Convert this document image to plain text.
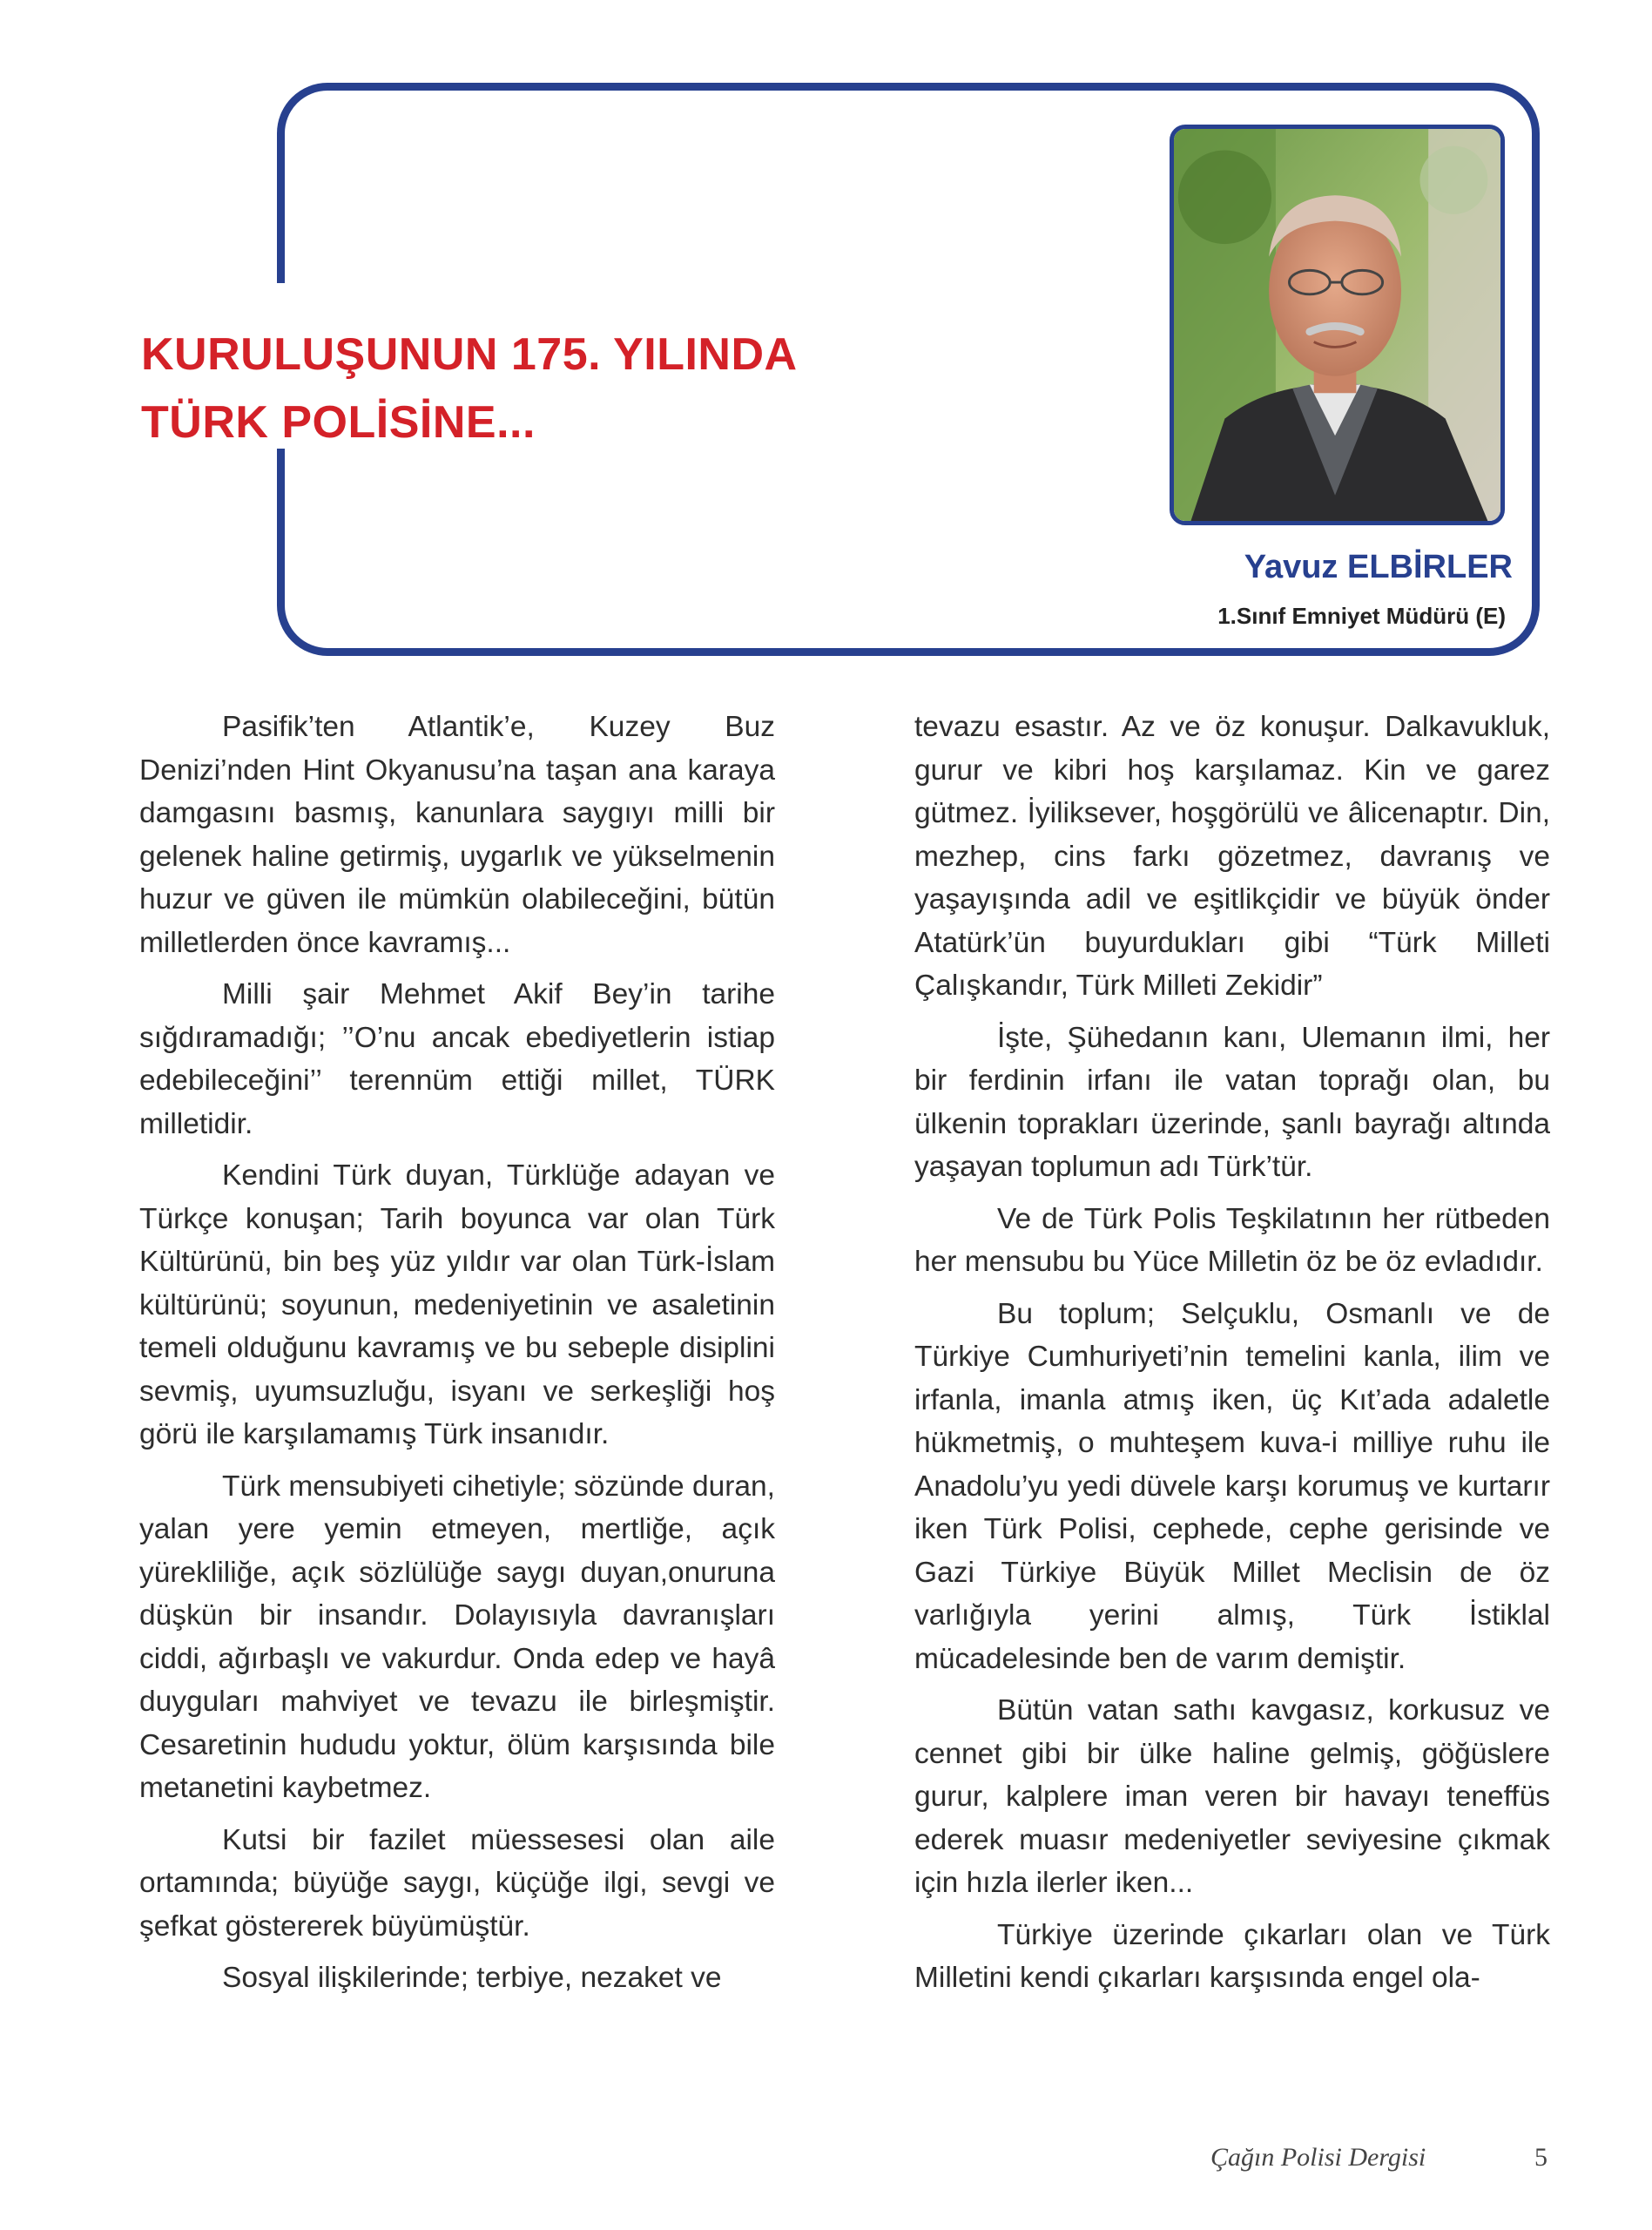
KURULUŞUNUN 175. YILINDA
TÜRK POLİSİNE...
Yavuz ELBİRLER
1.Sınıf Emniyet Müdürü (E)

Pasifik’ten Atlantik’e, Kuzey Buz Denizi’nden Hint Okyanusu’na taşan ana karaya damgasını basmış, kanunlara saygıyı milli bir gelenek haline getirmiş, uygarlık ve yükselmenin huzur ve güven ile mümkün olabileceğini, bütün milletlerden önce kavramış...

Milli şair Mehmet Akif Bey’in tarihe sığdıramadığı; ’’O’nu ancak ebediyetlerin istiap edebileceğini’’ terennüm ettiği millet, TÜRK milletidir.

Kendini Türk duyan, Türklüğe adayan ve Türkçe konuşan; Tarih boyunca var olan Türk Kültürünü, bin beş yüz yıldır var olan Türk-İslam kültürünü; soyunun, medeniyetinin ve asaletinin temeli olduğunu kavramış ve bu sebeple disiplini sevmiş, uyumsuzluğu, isyanı ve serkeşliği hoş görü ile karşılamamış Türk insanıdır.

Türk mensubiyeti cihetiyle; sözünde duran, yalan yere yemin etmeyen, mertliğe, açık yürekliliğe, açık sözlülüğe saygı duyan,onuruna düşkün bir insandır. Dolayısıyla davranışları ciddi, ağırbaşlı ve vakurdur. Onda edep ve hayâ duyguları mahviyet ve tevazu ile birleşmiştir. Cesaretinin hududu yoktur, ölüm karşısında bile metanetini kaybetmez.

Kutsi bir fazilet müessesesi olan aile ortamında; büyüğe saygı, küçüğe ilgi, sevgi ve şefkat göstererek büyümüştür.

Sosyal ilişkilerinde; terbiye, nezaket ve

tevazu esastır. Az ve öz konuşur. Dalkavukluk, gurur ve kibri hoş karşılamaz. Kin ve garez gütmez. İyiliksever, hoşgörülü ve âlicenaptır. Din, mezhep, cins farkı gözetmez, davranış ve yaşayışında adil ve eşitlikçidir ve büyük önder Atatürk’ün buyurdukları gibi “Türk Milleti Çalışkandır, Türk Milleti Zekidir”

İşte, Şühedanın kanı, Ulemanın ilmi, her bir ferdinin irfanı ile vatan toprağı olan, bu ülkenin toprakları üzerinde, şanlı bayrağı altında yaşayan toplumun adı Türk’tür.

Ve de Türk Polis Teşkilatının her rütbeden her mensubu bu Yüce Milletin öz be öz evladıdır.

Bu toplum; Selçuklu, Osmanlı ve de Türkiye Cumhuriyeti’nin temelini kanla, ilim ve irfanla, imanla atmış iken, üç Kıt’ada adaletle hükmetmiş, o muhteşem kuva-i milliye ruhu ile Anadolu’yu yedi düvele karşı korumuş ve kurtarır iken Türk Polisi, cephede, cephe gerisinde ve Gazi Türkiye Büyük Millet Meclisin de öz varlığıyla yerini almış, Türk İstiklal mücadelesinde ben de varım demiştir.

Bütün vatan sathı kavgasız, korkusuz ve cennet gibi bir ülke haline gelmiş, göğüslere gurur, kalplere iman veren bir havayı teneffüs ederek muasır medeniyetler seviyesine çıkmak için hızla ilerler iken...

Türkiye üzerinde çıkarları olan ve Türk Milletini kendi çıkarları karşısında engel ola-

Çağın Polisi Dergisi	5
